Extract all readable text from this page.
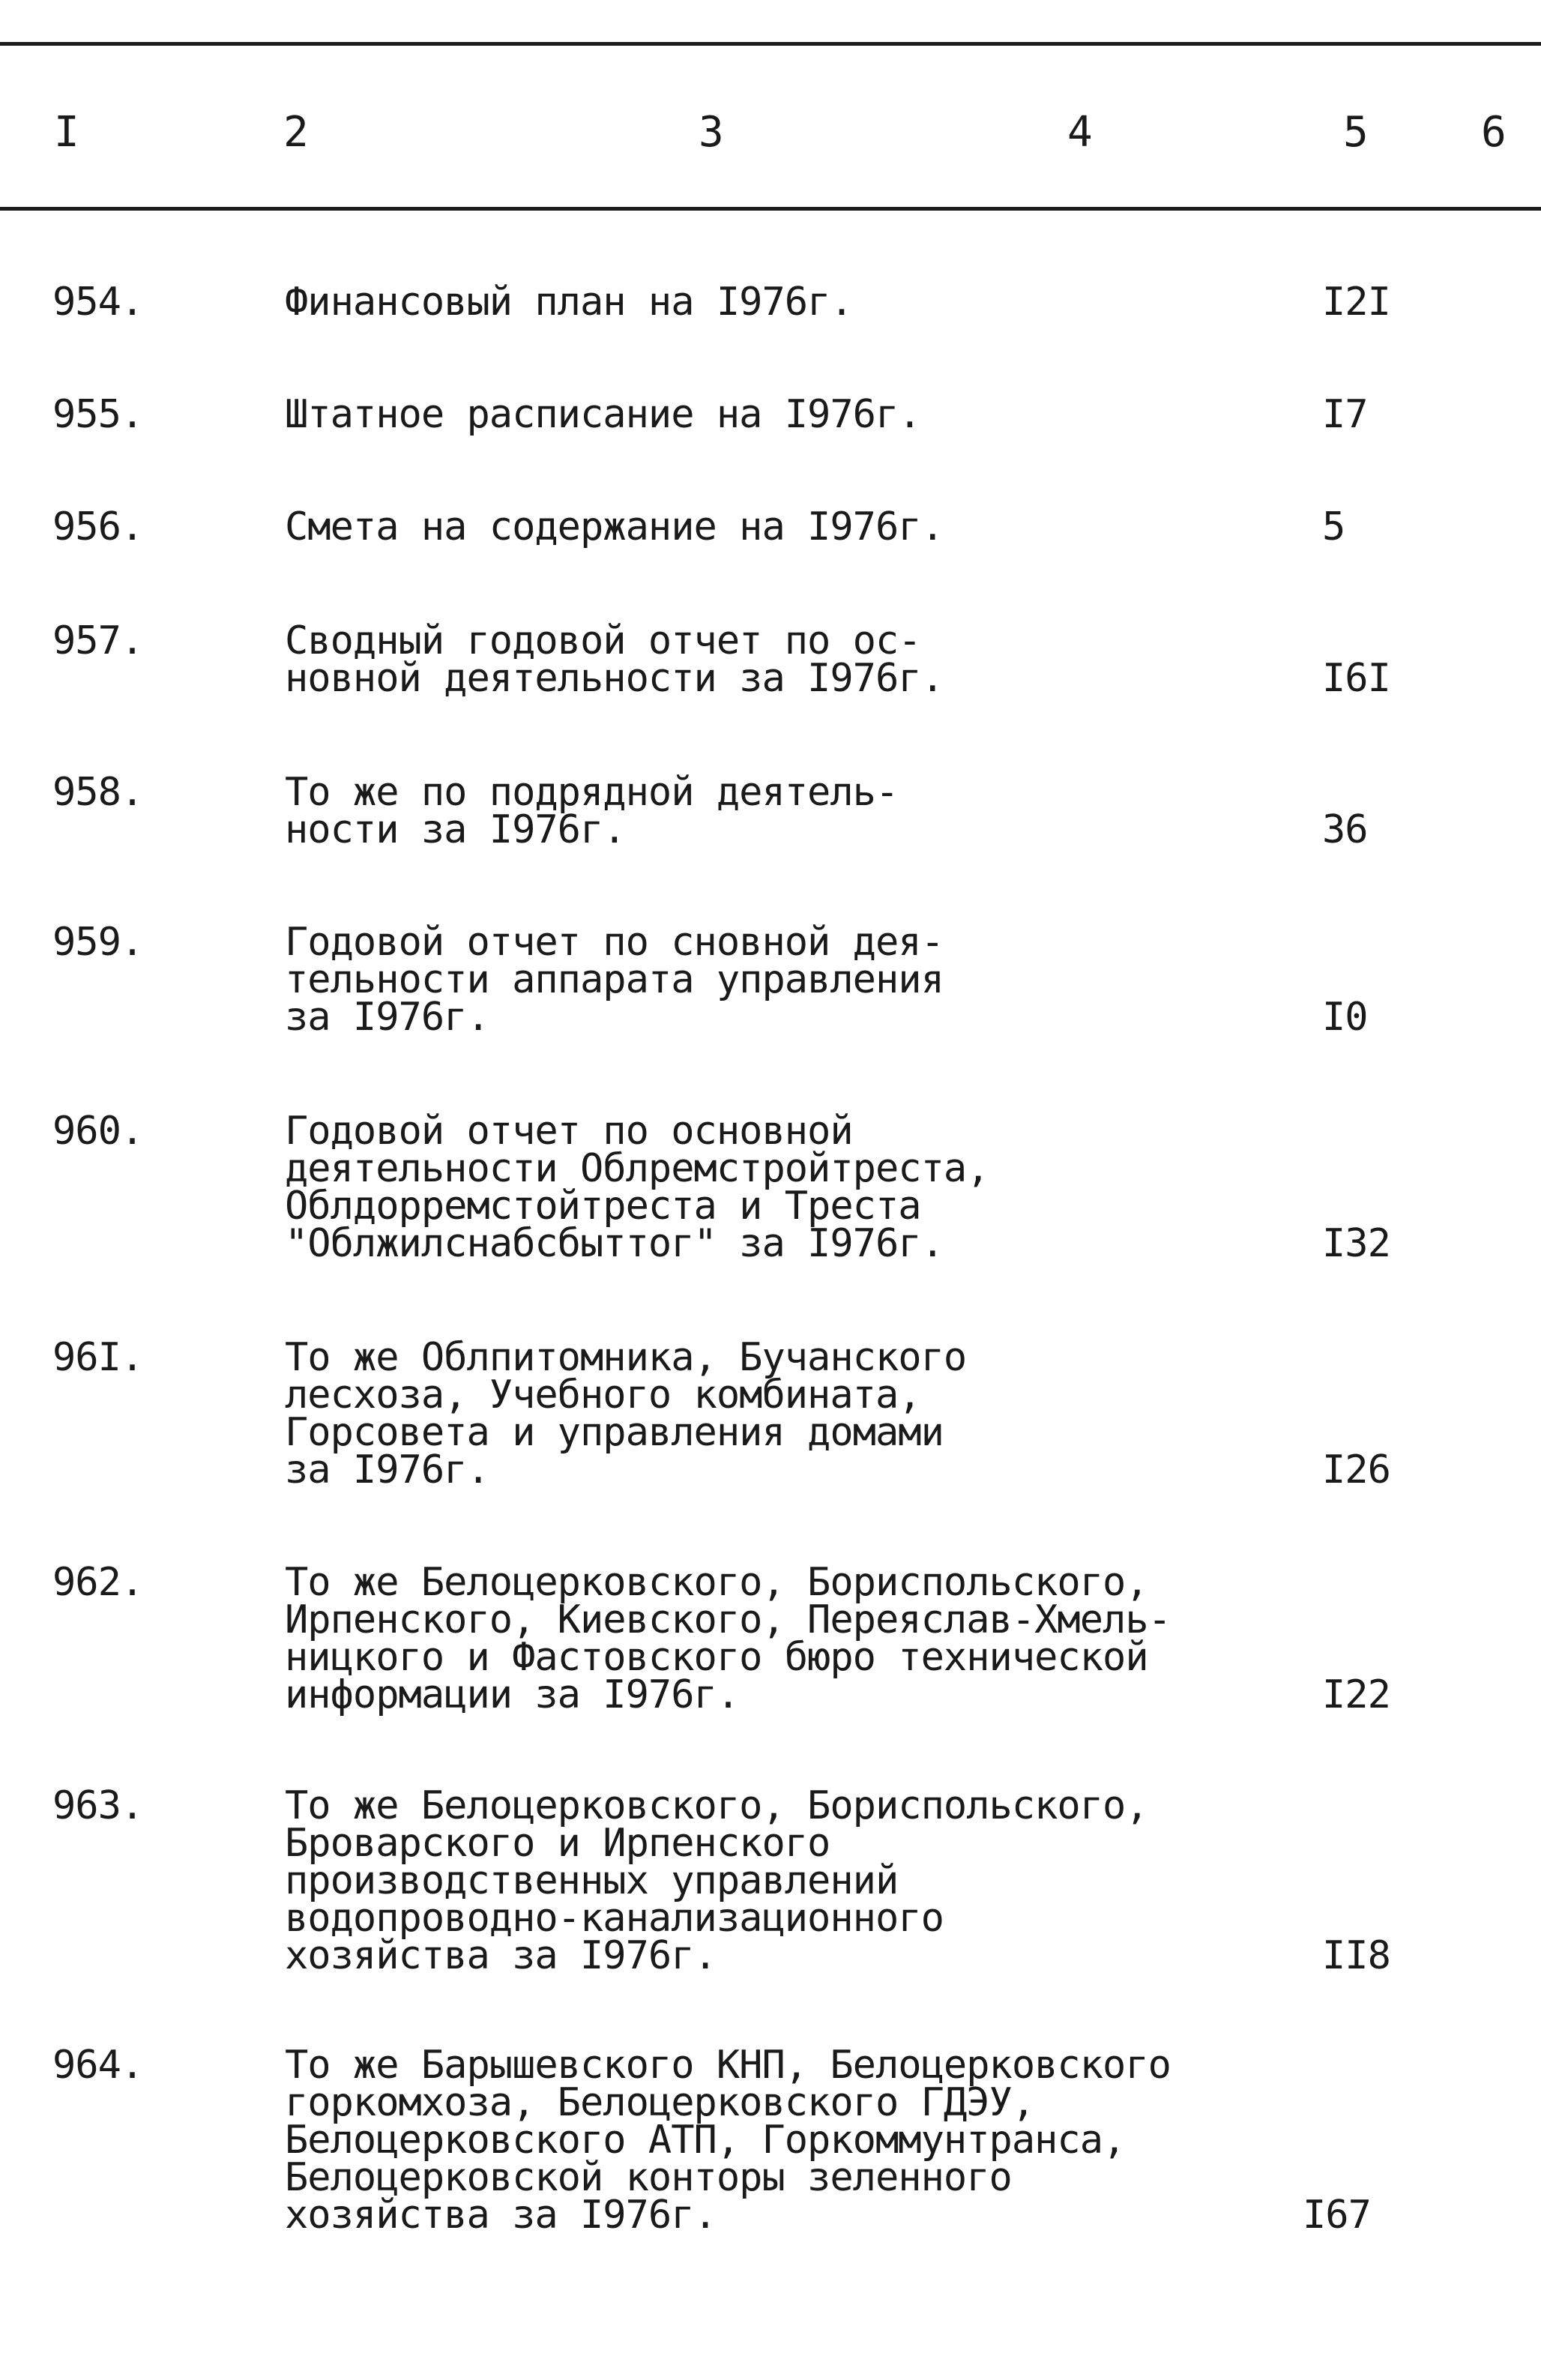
I	2	3	4	5	6
954.	Финансовый план на I976г.	I2I
955.	Штатное расписание на I976г.	I7
956.	Смета на содержание на I976г.	5
957.	Сводный годовой отчет по ос-
новной деятельности за I976г.	I6I
958.	То же по подрядной деятель-
ности за I976г.	36
959.	Годовой отчет по сновной дея-
тельности аппарата управления
за I976г.	I0
960.	Годовой отчет по основной
деятельности Облремстройтреста,
Облдорремстойтреста и Треста
"Облжилснабсбыттог" за I976г.	I32
96I.	То же Облпитомника, Бучанского
лесхоза, Учебного комбината,
Горсовета и управления домами
за I976г.	I26
962.	То же Белоцерковского, Бориспольского,
Ирпенского, Киевского, Переяслав-Хмель-
ницкого и Фастовского бюро технической
информации за I976г.	I22
963.	То же Белоцерковского, Бориспольского,
Броварского и Ирпенского
производственных управлений
водопроводно-канализационного
хозяйства за I976г.	II8
964.	То же Барышевского КНП, Белоцерковского
горкомхоза, Белоцерковского ГДЭУ,
Белоцерковского АТП, Горкоммунтранса,
Белоцерковской конторы зеленного
хозяйства за I976г.	I67
